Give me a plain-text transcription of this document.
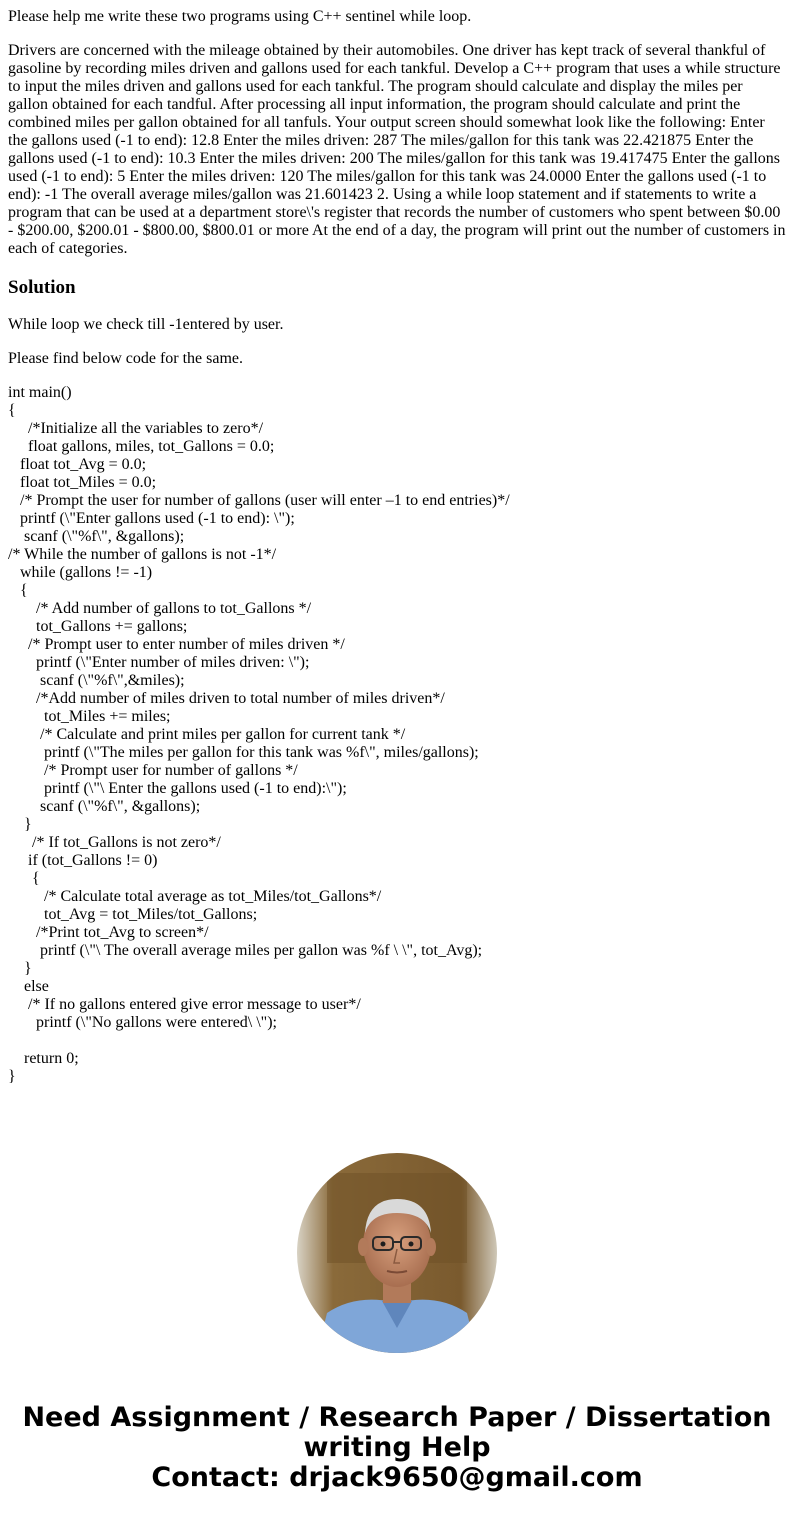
Please help me write these two programs using C++ sentinel while loop.

Drivers are concerned with the mileage obtained by their automobiles. One driver has kept track of several thankful of gasoline by recording miles driven and gallons used for each tankful. Develop a C++ program that uses a while structure to input the miles driven and gallons used for each tankful. The program should calculate and display the miles per gallon obtained for each tandful. After processing all input information, the program should calculate and print the combined miles per gallon obtained for all tanfuls. Your output screen should somewhat look like the following: Enter the gallons used (-1 to end): 12.8 Enter the miles driven: 287 The miles/gallon for this tank was 22.421875 Enter the gallons used (-1 to end): 10.3 Enter the miles driven: 200 The miles/gallon for this tank was 19.417475 Enter the gallons used (-1 to end): 5 Enter the miles driven: 120 The miles/gallon for this tank was 24.0000 Enter the gallons used (-1 to end): -1 The overall average miles/gallon was 21.601423 2. Using a while loop statement and if statements to write a program that can be used at a department store\'s register that records the number of customers who spent between $0.00 - $200.00, $200.01 - $800.00, $800.01 or more At the end of a day, the program will print out the number of customers in each of categories.

Solution

While loop we check till -1entered by user.

Please find below code for the same.

int main()
{
/*Initialize all the variables to zero*/
float gallons, miles, tot_Gallons = 0.0;
float tot_Avg = 0.0;
float tot_Miles = 0.0;
/* Prompt the user for number of gallons (user will enter –1 to end entries)*/
printf (\"Enter gallons used (-1 to end): \");
scanf (\"%f\", &gallons);
/* While the number of gallons is not -1*/
while (gallons != -1)
{
/* Add number of gallons to tot_Gallons */
tot_Gallons += gallons;
/* Prompt user to enter number of miles driven */
printf (\"Enter number of miles driven: \");
scanf (\"%f\",&miles);
/*Add number of miles driven to total number of miles driven*/
tot_Miles += miles;
/* Calculate and print miles per gallon for current tank */
printf (\"The miles per gallon for this tank was %f\", miles/gallons);
/* Prompt user for number of gallons */
printf (\"\ Enter the gallons used (-1 to end):\");
scanf (\"%f\", &gallons);
}
/* If tot_Gallons is not zero*/
if (tot_Gallons != 0)
{
/* Calculate total average as tot_Miles/tot_Gallons*/
tot_Avg = tot_Miles/tot_Gallons;
/*Print tot_Avg to screen*/
printf (\"\ The overall average miles per gallon was %f \ \", tot_Avg);
}
else
/* If no gallons entered give error message to user*/
printf (\"No gallons were entered\ \");

return 0;
}
Need Assignment / Research Paper / Dissertation
writing Help
Contact: drjack9650@gmail.com
